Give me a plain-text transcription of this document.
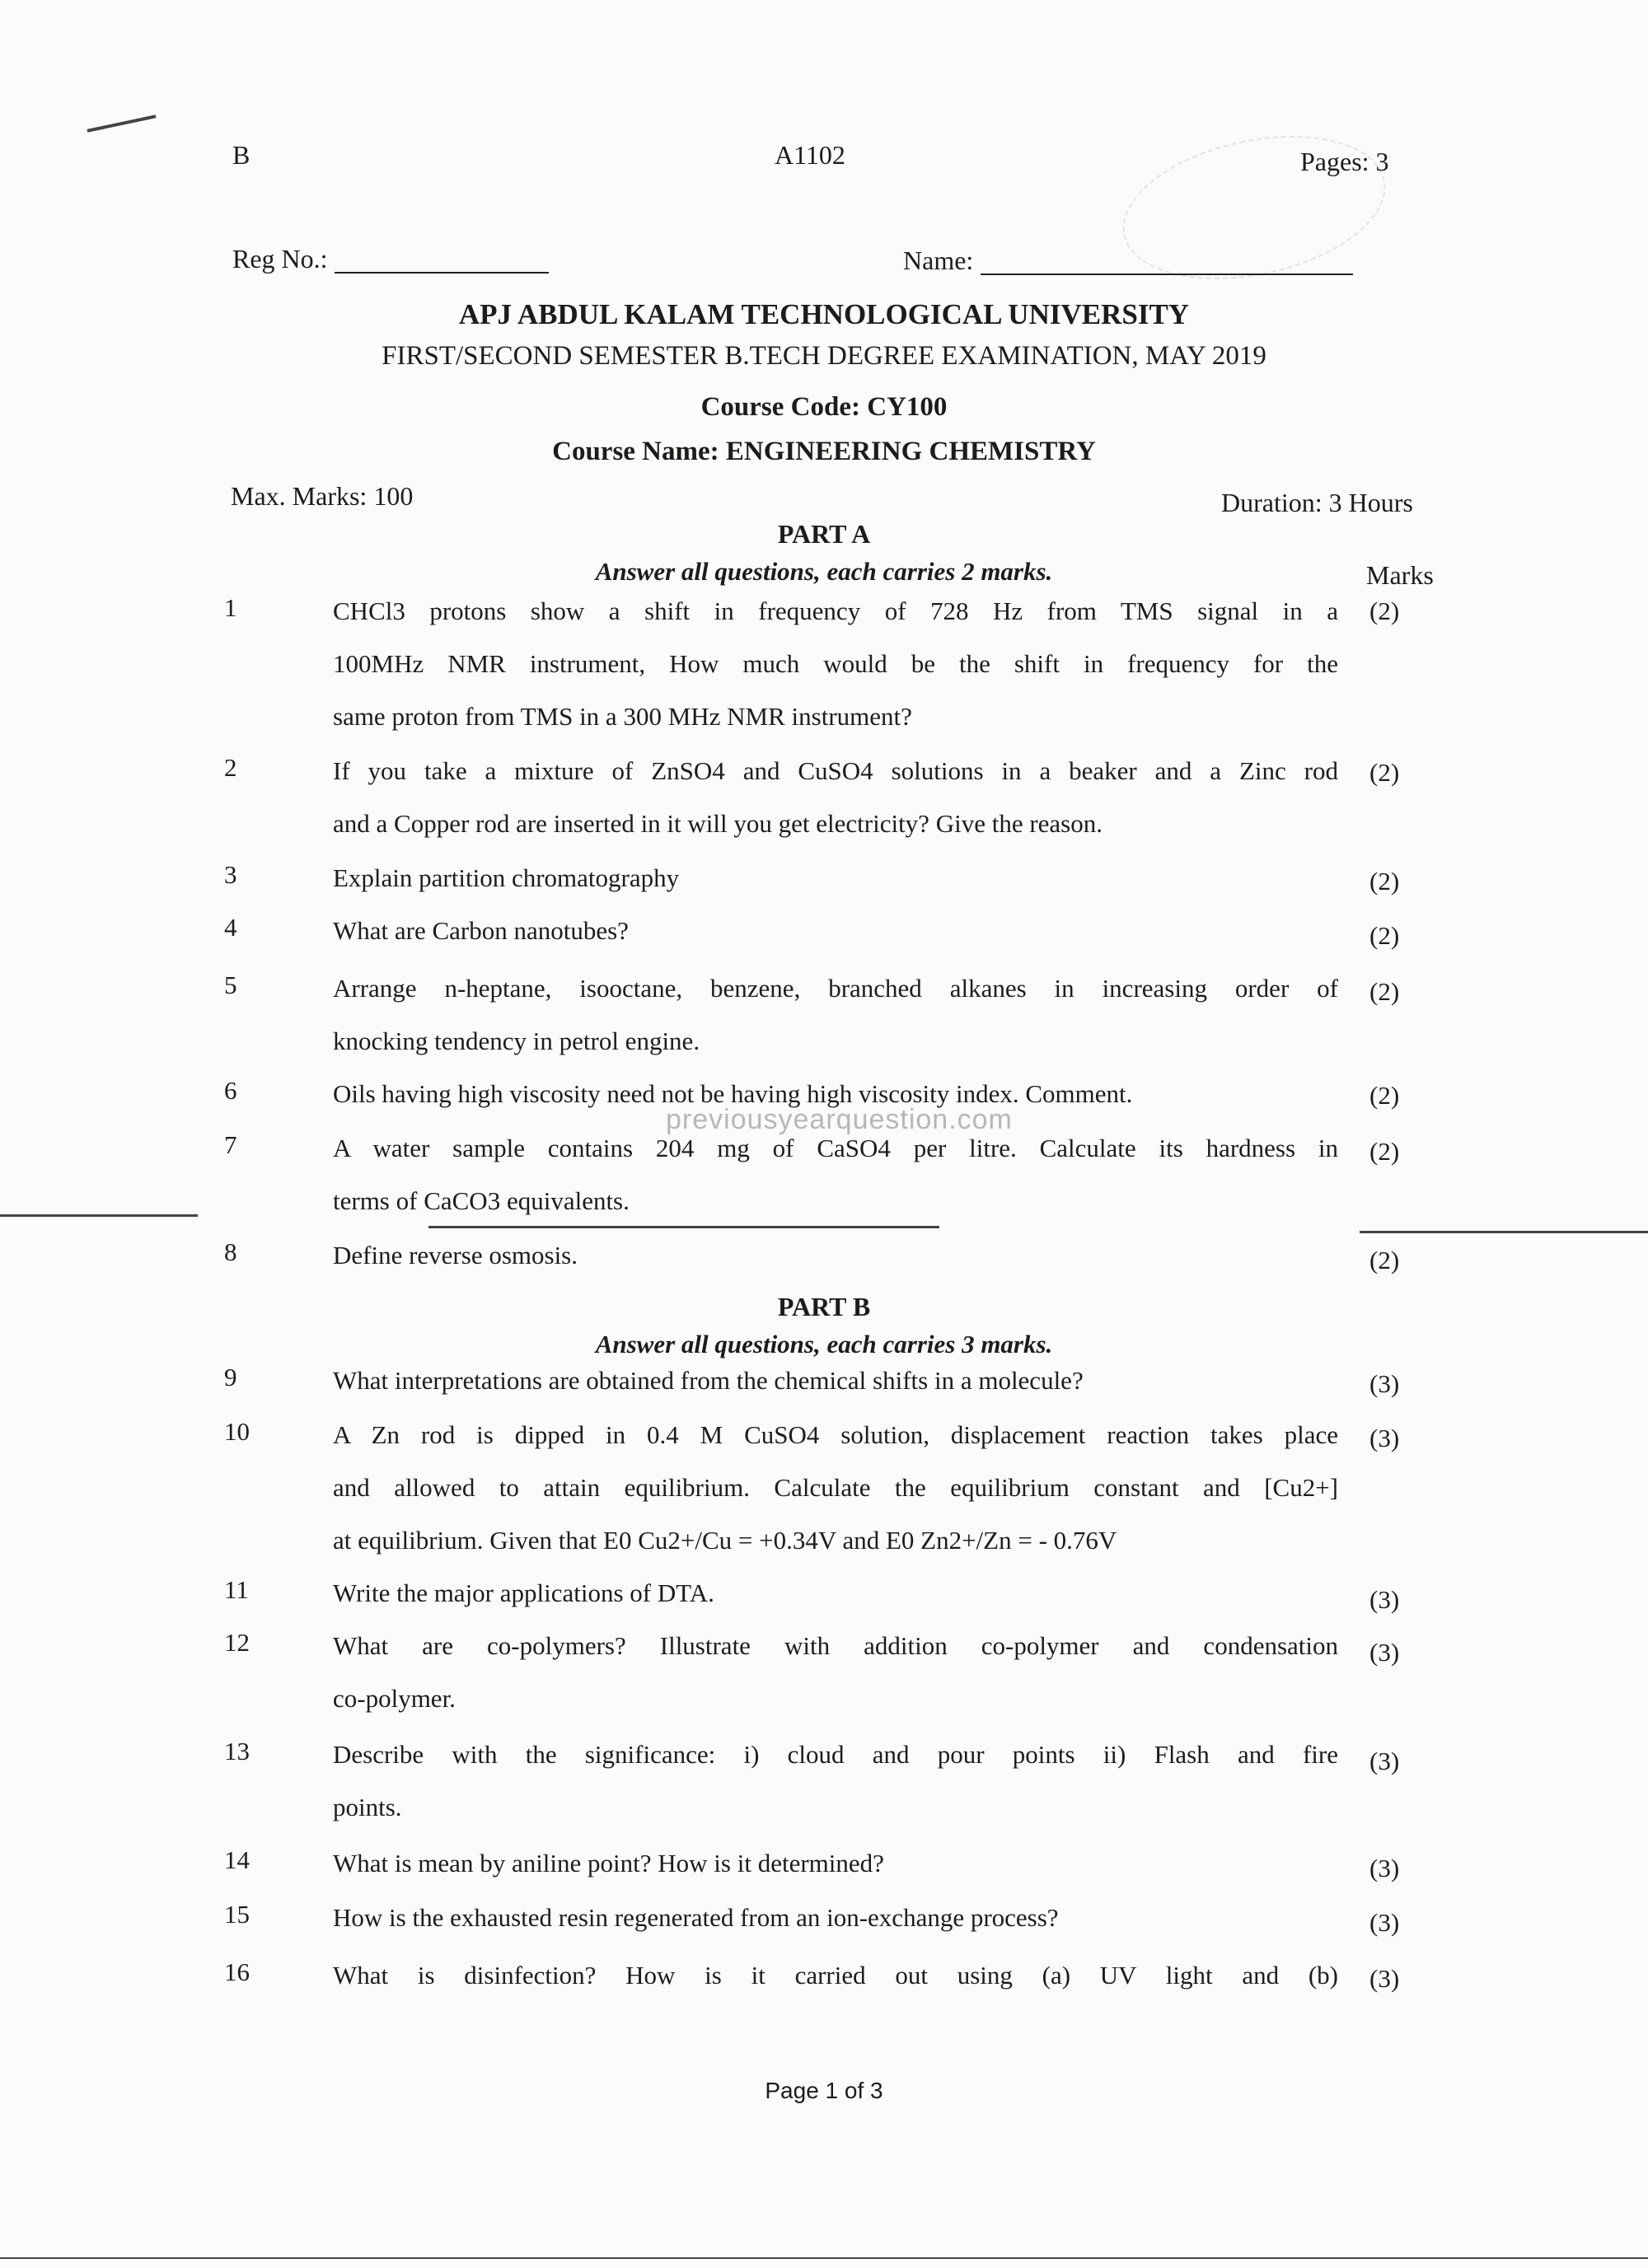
B	A1102	Pages: 3
Reg No.:	Name:
APJ ABDUL KALAM TECHNOLOGICAL UNIVERSITY
FIRST/SECOND SEMESTER B.TECH DEGREE EXAMINATION, MAY 2019
Course Code: CY100
Course Name: ENGINEERING CHEMISTRY
Max. Marks: 100	Duration: 3 Hours
PART A
Answer all questions, each carries 2 marks.	Marks
1	CHCl3 protons show a shift in frequency of 728 Hz from TMS signal in a
100MHz NMR instrument, How much would be the shift in frequency for the
same proton from TMS in a 300 MHz NMR instrument?
(2)
2	If you take a mixture of ZnSO4 and CuSO4 solutions in a beaker and a Zinc rod
and a Copper rod are inserted in it will you get electricity? Give the reason.
(2)
3	Explain partition chromatography	(2)
4	What are Carbon nanotubes?	(2)
5	Arrange n-heptane, isooctane, benzene, branched alkanes in increasing order of
knocking tendency in petrol engine.
(2)
6	Oils having high viscosity need not be having high viscosity index. Comment.	(2)
previousyearquestion.com
7	A water sample contains 204 mg of CaSO4 per litre. Calculate its hardness in
terms of CaCO3 equivalents.
(2)
8	Define reverse osmosis.	(2)
PART B
Answer all questions, each carries 3 marks.
9	What interpretations are obtained from the chemical shifts in a molecule?	(3)
10	A Zn rod is dipped in 0.4 M CuSO4 solution, displacement reaction takes place
and allowed to attain equilibrium. Calculate the equilibrium constant and [Cu2+]
at equilibrium. Given that E0 Cu2+/Cu = +0.34V and E0 Zn2+/Zn = - 0.76V
(3)
11	Write the major applications of DTA.	(3)
12	What are co-polymers? Illustrate with addition co-polymer and condensation
co-polymer.
(3)
13	Describe with the significance: i) cloud and pour points ii) Flash and fire
points.
(3)
14	What is mean by aniline point? How is it determined?	(3)
15	How is the exhausted resin regenerated from an ion-exchange process?	(3)
16	What is disinfection? How is it carried out using (a) UV light and (b) (3)
Page 1 of 3
